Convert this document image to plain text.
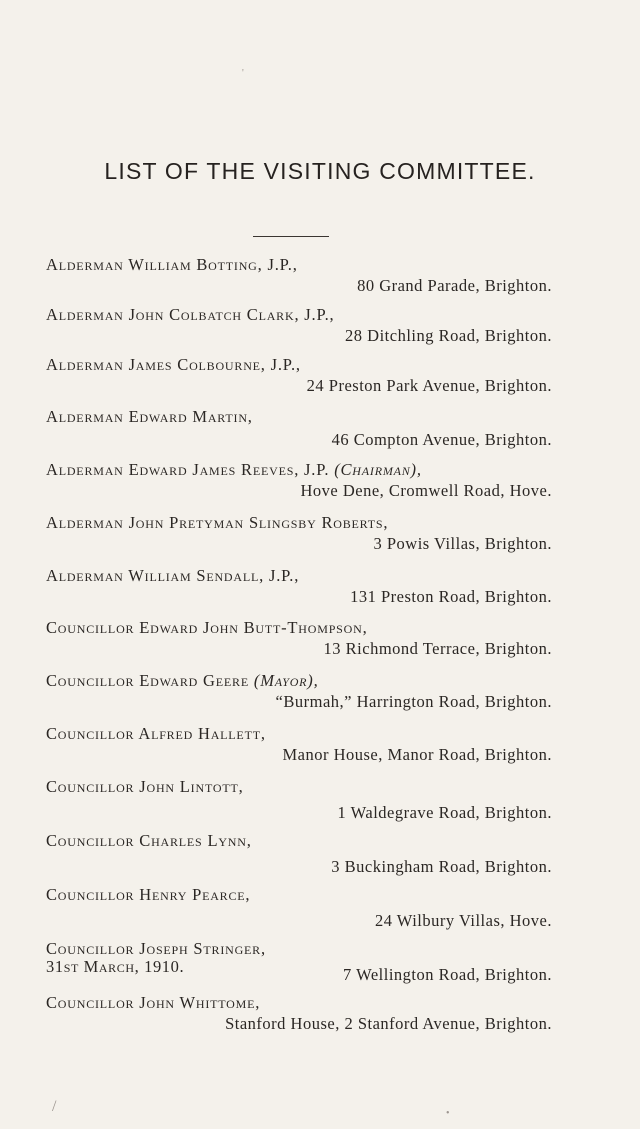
'
LIST OF THE VISITING COMMITTEE.
Alderman William Botting, J.P.,
80 Grand Parade, Brighton.
Alderman John Colbatch Clark, J.P.,
28 Ditchling Road, Brighton.
Alderman James Colbourne, J.P.,
24 Preston Park Avenue, Brighton.
Alderman Edward Martin,
46 Compton Avenue, Brighton.
Alderman Edward James Reeves, J.P. (Chairman),
Hove Dene, Cromwell Road, Hove.
Alderman John Pretyman Slingsby Roberts,
3 Powis Villas, Brighton.
Alderman William Sendall, J.P.,
131 Preston Road, Brighton.
Councillor Edward John Butt-Thompson,
13 Richmond Terrace, Brighton.
Councillor Edward Geere (Mayor),
“Burmah,” Harrington Road, Brighton.
Councillor Alfred Hallett,
Manor House, Manor Road, Brighton.
Councillor John Lintott,
1 Waldegrave Road, Brighton.
Councillor Charles Lynn,
3 Buckingham Road, Brighton.
Councillor Henry Pearce,
24 Wilbury Villas, Hove.
Councillor Joseph Stringer,
7 Wellington Road, Brighton.
Councillor John Whittome,
Stanford House, 2 Stanford Avenue, Brighton.
31st March, 1910.
/	•
